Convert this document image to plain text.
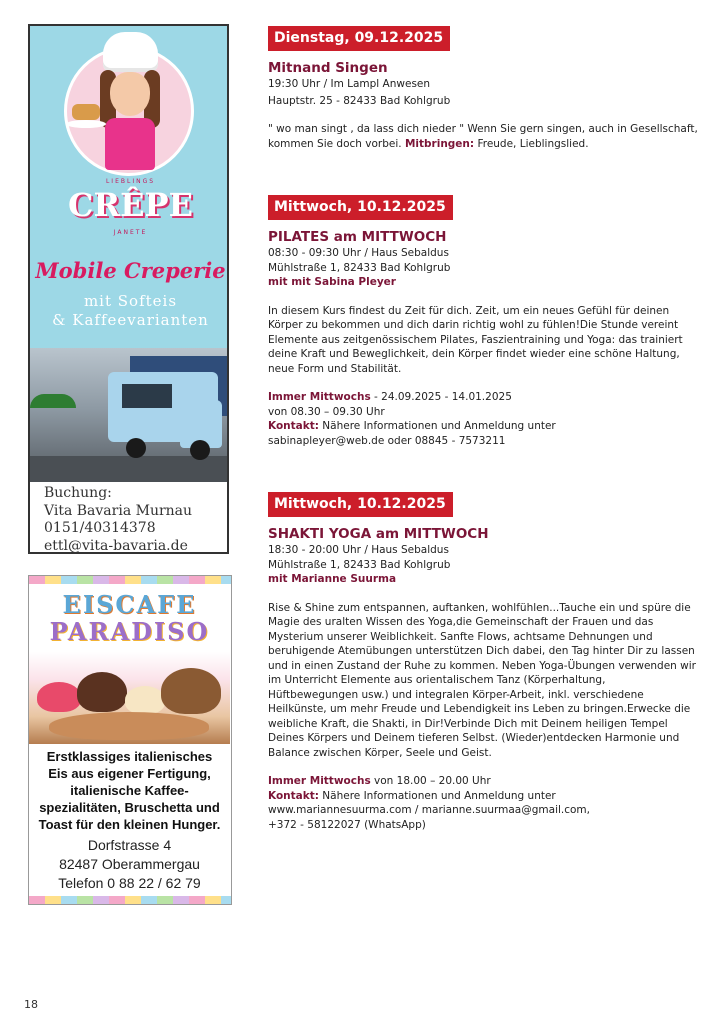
LIEBLINGS
CRÊPE
JANETE
Mobile Creperie
mit Softeis
& Kaffeevarianten
Buchung:
Vita Bavaria Murnau
0151/40314378
ettl@vita-bavaria.de
EISCAFE
PARADISO
Erstklassiges italienisches
Eis aus eigener Fertigung,
italienische Kaffee-
spezialitäten, Bruschetta und
Toast für den kleinen Hunger.
Dorfstrasse 4
82487 Oberammergau
Telefon 0 88 22 / 62 79
Dienstag, 09.12.2025
Mitnand Singen
19:30 Uhr / Im Lampl Anwesen
Hauptstr. 25 - 82433 Bad Kohlgrub
" wo man singt , da lass dich nieder " Wenn Sie gern singen, auch in Gesellschaft, kommen Sie doch vorbei. Mitbringen: Freude, Lieblingslied.
Mittwoch, 10.12.2025
PILATES am MITTWOCH
08:30 - 09:30 Uhr / Haus Sebaldus
Mühlstraße 1, 82433 Bad Kohlgrub
mit mit Sabina Pleyer
In diesem Kurs findest du Zeit für dich. Zeit, um ein neues Gefühl für deinen Körper zu bekommen und dich darin richtig wohl zu fühlen!Die Stunde vereint Elemente aus zeitgenössischem Pilates, Faszientraining und Yoga: das trainiert deine Kraft und Beweglichkeit, dein Körper findet wieder eine schöne Haltung, neue Form und Stabilität.
Immer Mittwochs - 24.09.2025 - 14.01.2025
von 08.30 – 09.30 Uhr
Kontakt: Nähere Informationen und Anmeldung unter
sabinapleyer@web.de oder 08845 - 7573211
Mittwoch, 10.12.2025
SHAKTI YOGA am MITTWOCH
18:30 - 20:00 Uhr / Haus Sebaldus
Mühlstraße 1, 82433 Bad Kohlgrub
mit Marianne Suurma
Rise & Shine zum entspannen, auftanken, wohlfühlen...Tauche ein und spüre die Magie des uralten Wissen des Yoga,die Gemeinschaft der Frauen und das Mysterium unserer Weiblichkeit. Sanfte Flows, achtsame Dehnungen und beruhigende Atemübungen unterstützen Dich dabei, den Tag hinter Dir zu lassen und in einen Zustand der Ruhe zu kommen. Neben Yoga-Übungen verwenden wir im Unterricht Elemente aus orientalischem Tanz (Körperhaltung, Hüftbewegungen usw.) und integralen Körper-Arbeit, inkl. verschiedene Heilkünste, um mehr Freude und Lebendigkeit ins Leben zu bringen.Erwecke die weibliche Kraft, die Shakti, in Dir!Verbinde Dich mit Deinem heiligen Tempel Deines Körpers und Deinem tieferen Selbst. (Wieder)entdecken Harmonie und Balance zwischen Körper, Seele und Geist.
Immer Mittwochs von 18.00 – 20.00 Uhr
Kontakt: Nähere Informationen und Anmeldung unter
www.mariannesuurma.com / marianne.suurmaa@gmail.com,
+372 - 58122027 (WhatsApp)
18
